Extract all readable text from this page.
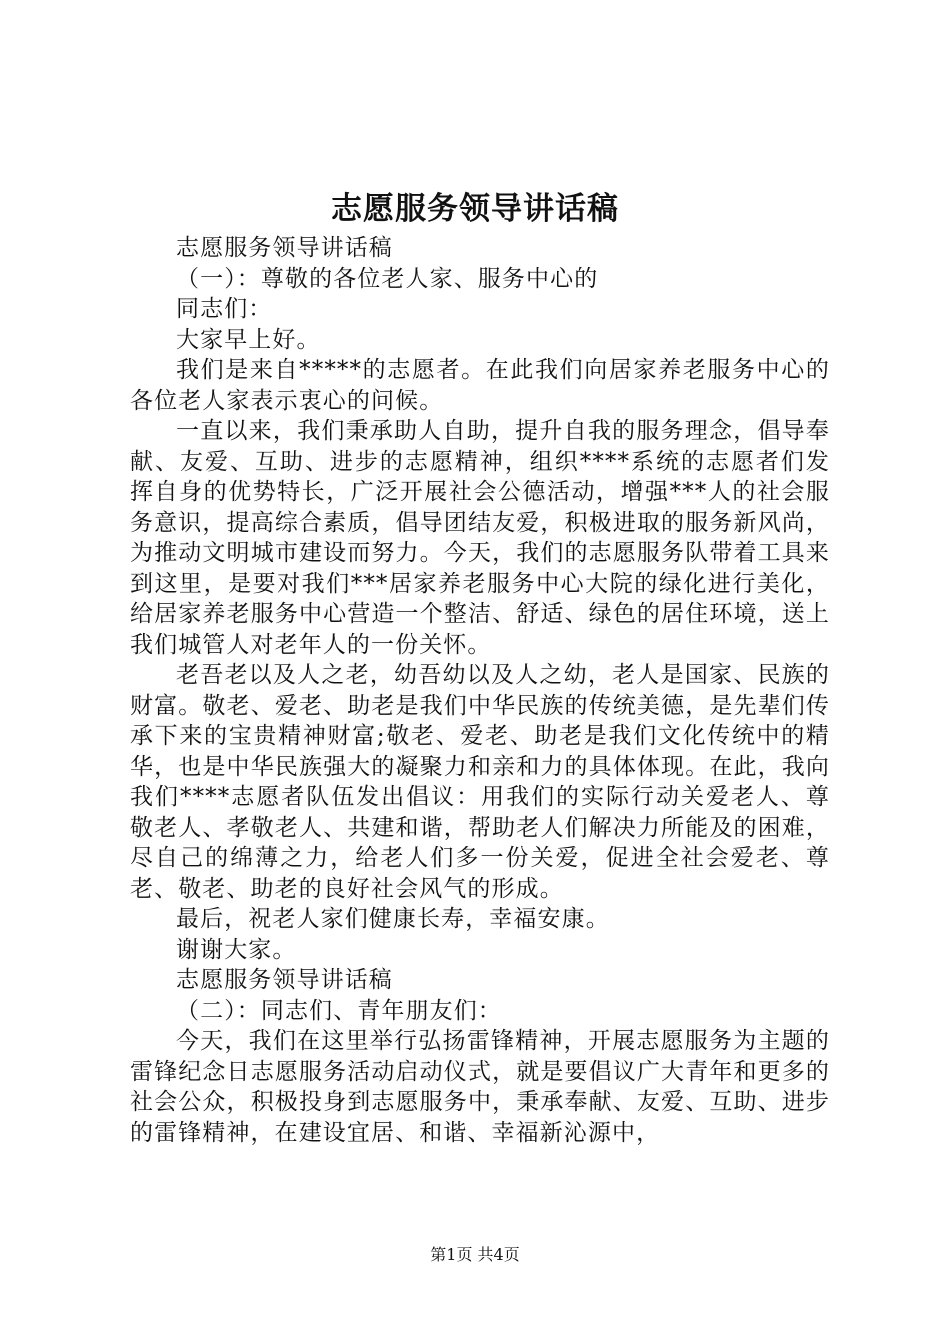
志愿服务领导讲话稿

志愿服务领导讲话稿

（一）：尊敬的各位老人家、服务中心的

同志们：

大家早上好。

我们是来自*****的志愿者。在此我们向居家养老服务中心的各位老人家表示衷心的问候。

一直以来，我们秉承助人自助，提升自我的服务理念，倡导奉献、友爱、互助、进步的志愿精神，组织****系统的志愿者们发挥自身的优势特长，广泛开展社会公德活动，增强***人的社会服务意识，提高综合素质，倡导团结友爱，积极进取的服务新风尚，为推动文明城市建设而努力。今天，我们的志愿服务队带着工具来到这里，是要对我们***居家养老服务中心大院的绿化进行美化，给居家养老服务中心营造一个整洁、舒适、绿色的居住环境，送上我们城管人对老年人的一份关怀。

老吾老以及人之老，幼吾幼以及人之幼，老人是国家、民族的财富。敬老、爱老、助老是我们中华民族的传统美德，是先辈们传承下来的宝贵精神财富;敬老、爱老、助老是我们文化传统中的精华，也是中华民族强大的凝聚力和亲和力的具体体现。在此，我向我们****志愿者队伍发出倡议：用我们的实际行动关爱老人、尊敬老人、孝敬老人、共建和谐，帮助老人们解决力所能及的困难，尽自己的绵薄之力，给老人们多一份关爱，促进全社会爱老、尊老、敬老、助老的良好社会风气的形成。

最后，祝老人家们健康长寿，幸福安康。

谢谢大家。

志愿服务领导讲话稿

（二）：同志们、青年朋友们：

今天，我们在这里举行弘扬雷锋精神，开展志愿服务为主题的雷锋纪念日志愿服务活动启动仪式，就是要倡议广大青年和更多的社会公众，积极投身到志愿服务中，秉承奉献、友爱、互助、进步的雷锋精神，在建设宜居、和谐、幸福新沁源中，

第1页 共4页
